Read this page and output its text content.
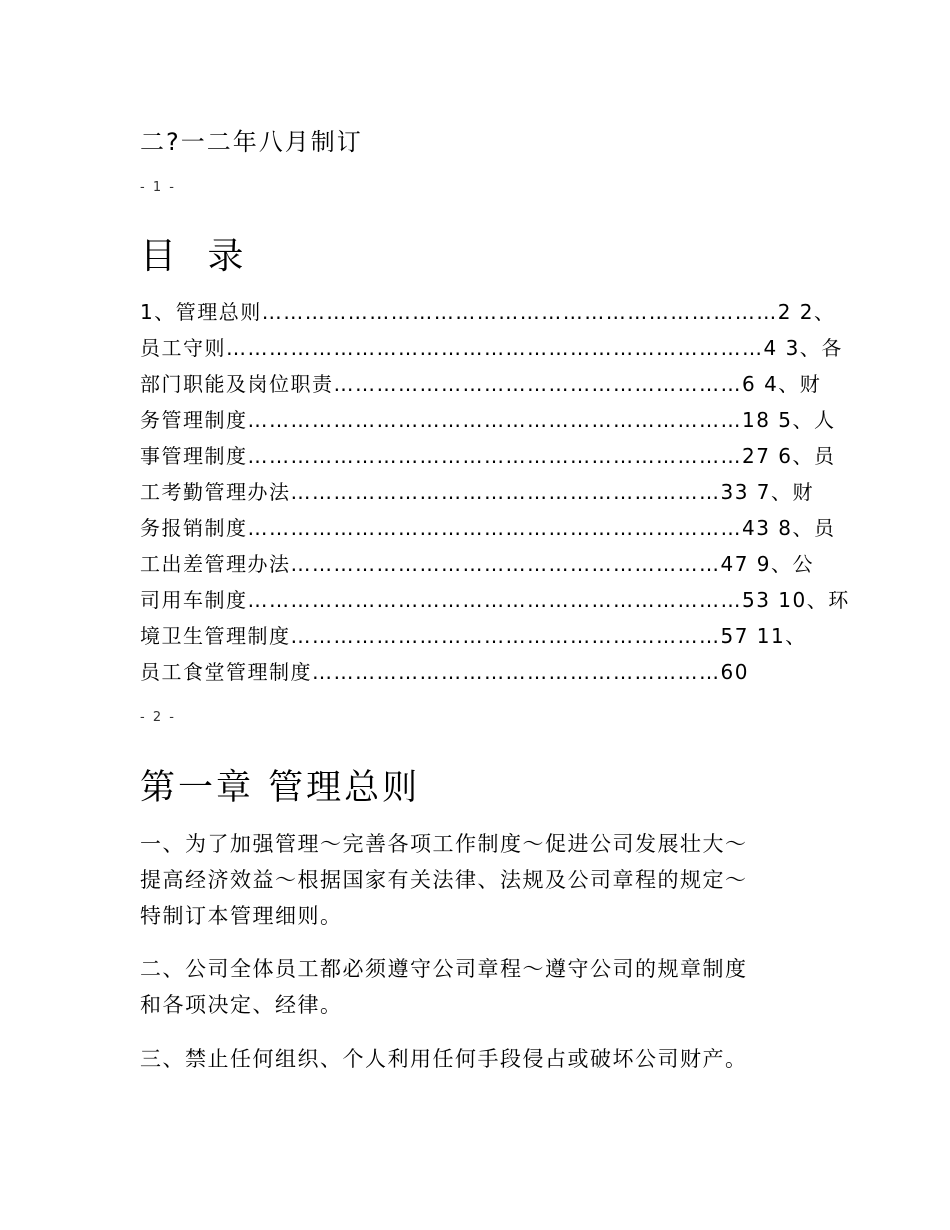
二?一二年八月制订
- 1 -
目 录
1、管理总则………………………………………………………………2 2、
员工守则…………………………………………………………………4 3、各
部门职能及岗位职责…………………………………………………6 4、财
务管理制度……………………………………………………………18 5、人
事管理制度……………………………………………………………27 6、员
工考勤管理办法……………………………………………………33 7、财
务报销制度……………………………………………………………43 8、员
工出差管理办法……………………………………………………47 9、公
司用车制度……………………………………………………………53 10、环
境卫生管理制度……………………………………………………57 11、
员工食堂管理制度…………………………………………………60
- 2 -
第一章 管理总则
一、为了加强管理～完善各项工作制度～促进公司发展壮大～
提高经济效益～根据国家有关法律、法规及公司章程的规定～
特制订本管理细则。
二、公司全体员工都必须遵守公司章程～遵守公司的规章制度
和各项决定、经律。
三、禁止任何组织、个人利用任何手段侵占或破坏公司财产。
